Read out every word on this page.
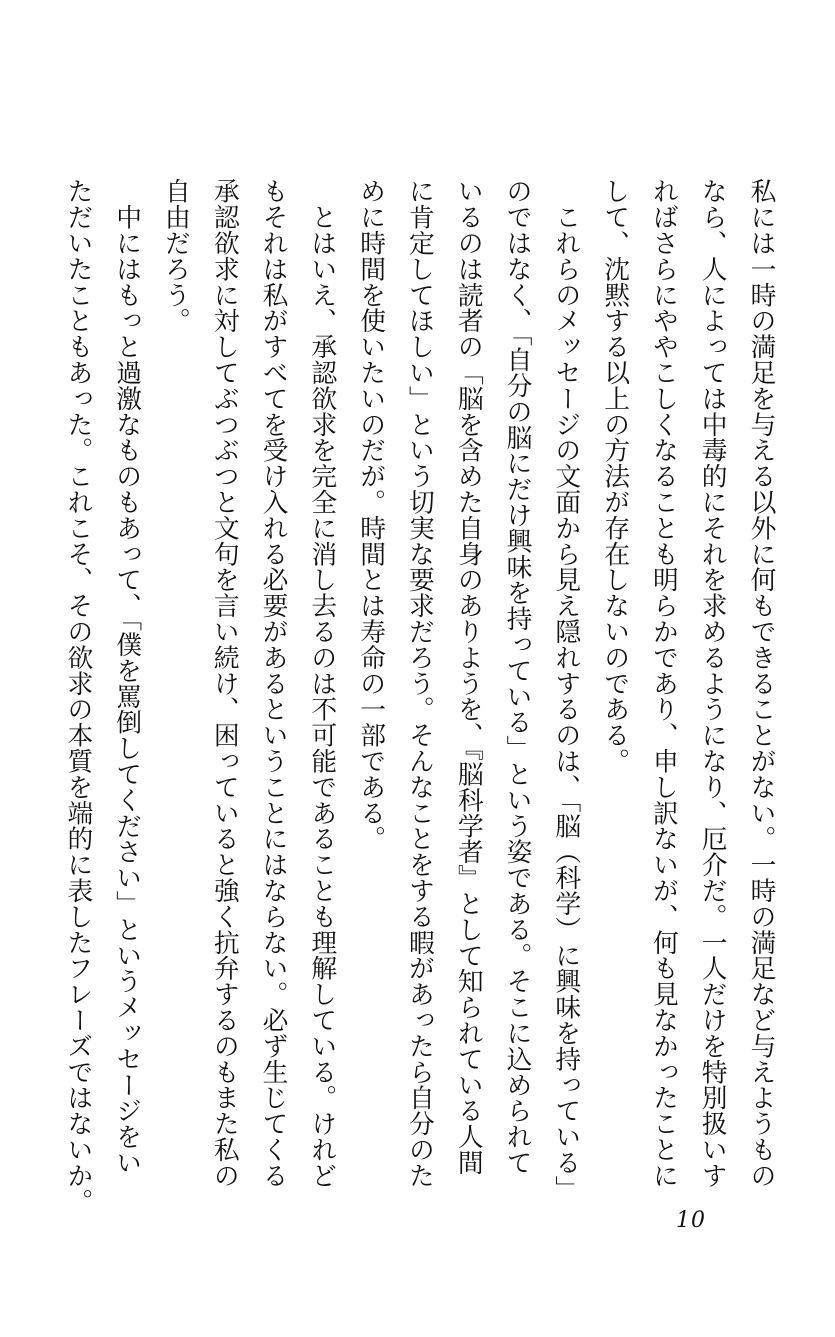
私には一時の満足を与える以外に何もできることがない。一時の満足など与えようもの
なら、人によっては中毒的にそれを求めるようになり、厄介だ。一人だけを特別扱いす
ればさらにややこしくなることも明らかであり、申し訳ないが、何も見なかったことに
して、沈黙する以上の方法が存在しないのである。
　これらのメッセージの文面から見え隠れするのは、「脳（科学）に興味を持っている」
のではなく、「自分の脳にだけ興味を持っている」という姿である。そこに込められて
いるのは読者の「脳を含めた自身のありようを、『脳科学者』として知られている人間
に肯定してほしい」という切実な要求だろう。そんなことをする暇があったら自分のた
めに時間を使いたいのだが。時間とは寿命の一部である。
　とはいえ、承認欲求を完全に消し去るのは不可能であることも理解している。けれど
もそれは私がすべてを受け入れる必要があるということにはならない。必ず生じてくる
承認欲求に対してぶつぶつと文句を言い続け、困っていると強く抗弁するのもまた私の
自由だろう。
　中にはもっと過激なものもあって、「僕を罵倒してください」というメッセージをい
ただいたこともあった。これこそ、その欲求の本質を端的に表したフレーズではないか。
10
